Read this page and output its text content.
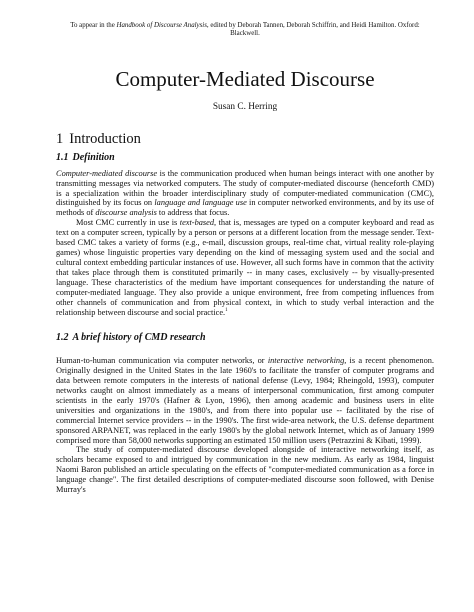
To appear in the Handbook of Discourse Analysis, edited by Deborah Tannen, Deborah Schiffrin, and Heidi Hamilton. Oxford: Blackwell.
Computer-Mediated Discourse
Susan C. Herring
1 Introduction
1.1 Definition

Computer-mediated discourse is the communication produced when human beings interact with one another by transmitting messages via networked computers. The study of computer-mediated discourse (henceforth CMD) is a specialization within the broader interdisciplinary study of computer-mediated communication (CMC), distinguished by its focus on language and language use in computer networked environments, and by its use of methods of discourse analysis to address that focus.

Most CMC currently in use is text-based, that is, messages are typed on a computer keyboard and read as text on a computer screen, typically by a person or persons at a different location from the message sender. Text-based CMC takes a variety of forms (e.g., e-mail, discussion groups, real-time chat, virtual reality role-playing games) whose linguistic properties vary depending on the kind of messaging system used and the social and cultural context embedding particular instances of use. However, all such forms have in common that the activity that takes place through them is constituted primarily -- in many cases, exclusively -- by visually-presented language. These characteristics of the medium have important consequences for understanding the nature of computer-mediated language. They also provide a unique environment, free from competing influences from other channels of communication and from physical context, in which to study verbal interaction and the relationship between discourse and social practice.$^1$

1.2 A brief history of CMD research

Human-to-human communication via computer networks, or interactive networking, is a recent phenomenon. Originally designed in the United States in the late 1960's to facilitate the transfer of computer programs and data between remote computers in the interests of national defense (Levy, 1984; Rheingold, 1993), computer networks caught on almost immediately as a means of interpersonal communication, first among computer scientists in the early 1970's (Hafner & Lyon, 1996), then among academic and business users in elite universities and organizations in the 1980's, and from there into popular use -- facilitated by the rise of commercial Internet service providers -- in the 1990's. The first wide-area network, the U.S. defense department sponsored ARPANET, was replaced in the early 1980's by the global network Internet, which as of January 1999 comprised more than 58,000 networks supporting an estimated 150 million users (Petrazzini & Kibati, 1999).

The study of computer-mediated discourse developed alongside of interactive networking itself, as scholars became exposed to and intrigued by communication in the new medium. As early as 1984, linguist Naomi Baron published an article speculating on the effects of "computer-mediated communication as a force in language change". The first detailed descriptions of computer-mediated discourse soon followed, with Denise Murray's
